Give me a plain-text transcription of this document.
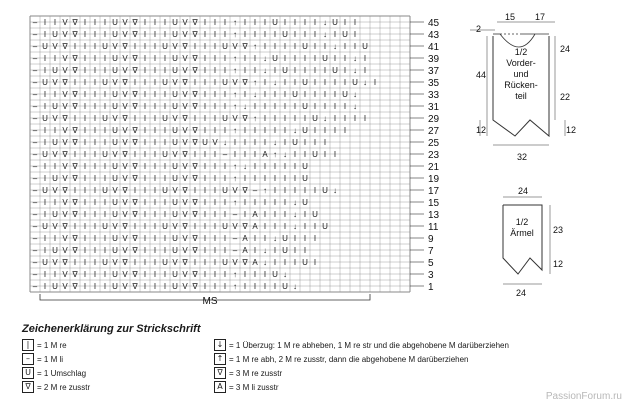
– I I V ∇ I I I U V ∇ I I I U V ∇ I I I ↑ I I I U I I I I ↓ U I I	45
– I U V ∇ I I I U V ∇ I I I U V ∇ I I I ↑ I I I I U I I I ↓ I U I	43
– U V ∇ I I I U V ∇ I I I U V ∇ I I I U V ∇ ↑ I I I I U I I ↓ I I U	41
– I I V ∇ I I I U V ∇ I I I U V ∇ I I I ↑ I I ↓ U I I I I U I I ↓ I	39
– I U V ∇ I I I U V ∇ I I I U V ∇ I I I ↑ I I ↓ I U I I I I U I ↓ I	37
– U V ∇ I I I U V ∇ I I I U V ∇ I I I U V ∇ ↑ I ↓ I I U I I I I U ↓ I	35
– I I V ∇ I I I U V ∇ I I I U V ∇ I I I ↑ I ↓ I I I U I I I I U ↓	33
– I U V ∇ I I I U V ∇ I I I U V ∇ I I I ↑ ↓ I I I I I U I I I I ↓	31
– U V ∇ I I I U V ∇ I I I U V ∇ I I I U V ∇ ↑ I I I I I U ↓ I I I I	29
– I I V ∇ I I I U V ∇ I I I U V ∇ I I I ↑ I I I I I ↓ U I I I I	27
– I U V ∇ I I I U V ∇ I I I U V ∇ U V ↓ I I I I ↓ I U I I I	25
– U V ∇ I I I U V ∇ I I I U V ∇ I I I – I I I A ↑ ↓ I I U I I	23
– I I V ∇ I I I U V ∇ I I I U V ∇ I I I ↑ ↓ I I I I I U	21
– I U V ∇ I I I U V ∇ I I I U V ∇ I I I ↑ I I I I I I U	19
– U V ∇ I I I U V ∇ I I I U V ∇ I I I U V ∇ – ↑ I I I I I U ↓	17
– I I V ∇ I I I U V ∇ I I I U V ∇ I I I ↑ I I I I I ↓ U	15
– I U V ∇ I I I U V ∇ I I I U V ∇ I I I – I A I I I ↓ I U	13
– U V ∇ I I I U V ∇ I I I U V ∇ I I I U V ∇ A I I I ↓ I I U	11
– I I V ∇ I I I U V ∇ I I I U V ∇ I I I – A I I ↓ U I I I	9
– I U V ∇ I I I U V ∇ I I I U V ∇ I I I – A I ↓ I U I I	7
– U V ∇ I I I U V ∇ I I I U V ∇ I I I U V ∇ A ↓ I I I U I	5
– I I V ∇ I I I U V ∇ I I I U V ∇ I I I ↑ I I I U ↓	3
– I U V ∇ I I I U V ∇ I I I U V ∇ I I I ↑ I I I I U ↓	1
MS
2
15 17
44
24
22
12	12
32
1/2
Vorder-
und
Rücken-
teil
24
23
12
24
1/2
Ärmel
Zeichenerklärung zur Strickschrift
| = 1 M re
– = 1 M li
U = 1 Umschlag
∇ = 2 M re zusstr
↓ = 1 Überzug: 1 M re abheben, 1 M re str und die abgehobene M darüberziehen
↑ = 1 M re abh, 2 M re zusstr, dann die abgehobene M darüberziehen
∇ = 3 M re zusstr
A = 3 M li zusstr
PassionForum.ru
